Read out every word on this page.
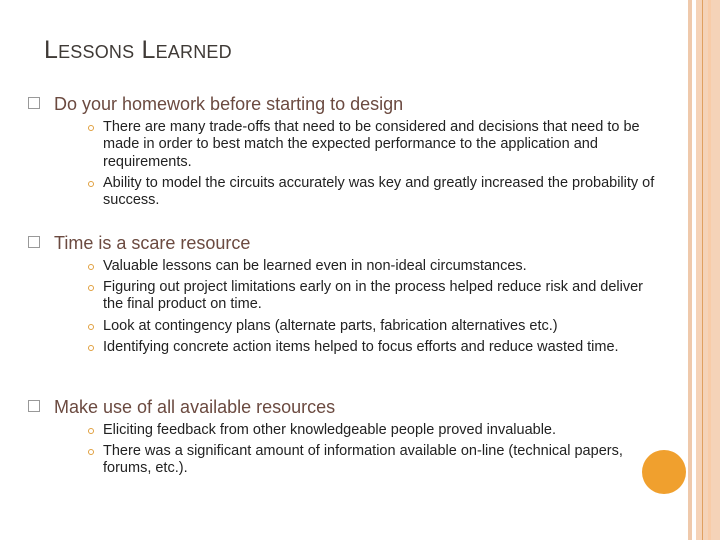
Lessons Learned
Do your homework before starting to design
There are many trade-offs that need to be considered and decisions that need to be made in order to best match the expected performance to the application and requirements.
Ability to model the circuits accurately was key and greatly increased the probability of success.
Time is a scare resource
Valuable lessons can be learned even in non-ideal circumstances.
Figuring out project limitations early on in the process helped reduce risk and deliver the final product on time.
Look at contingency plans (alternate parts, fabrication alternatives etc.)
Identifying concrete action items helped to focus efforts and reduce wasted time.
Make use of all available resources
Eliciting feedback from other knowledgeable people proved invaluable.
There was a significant amount of information available on-line (technical papers, forums, etc.).
